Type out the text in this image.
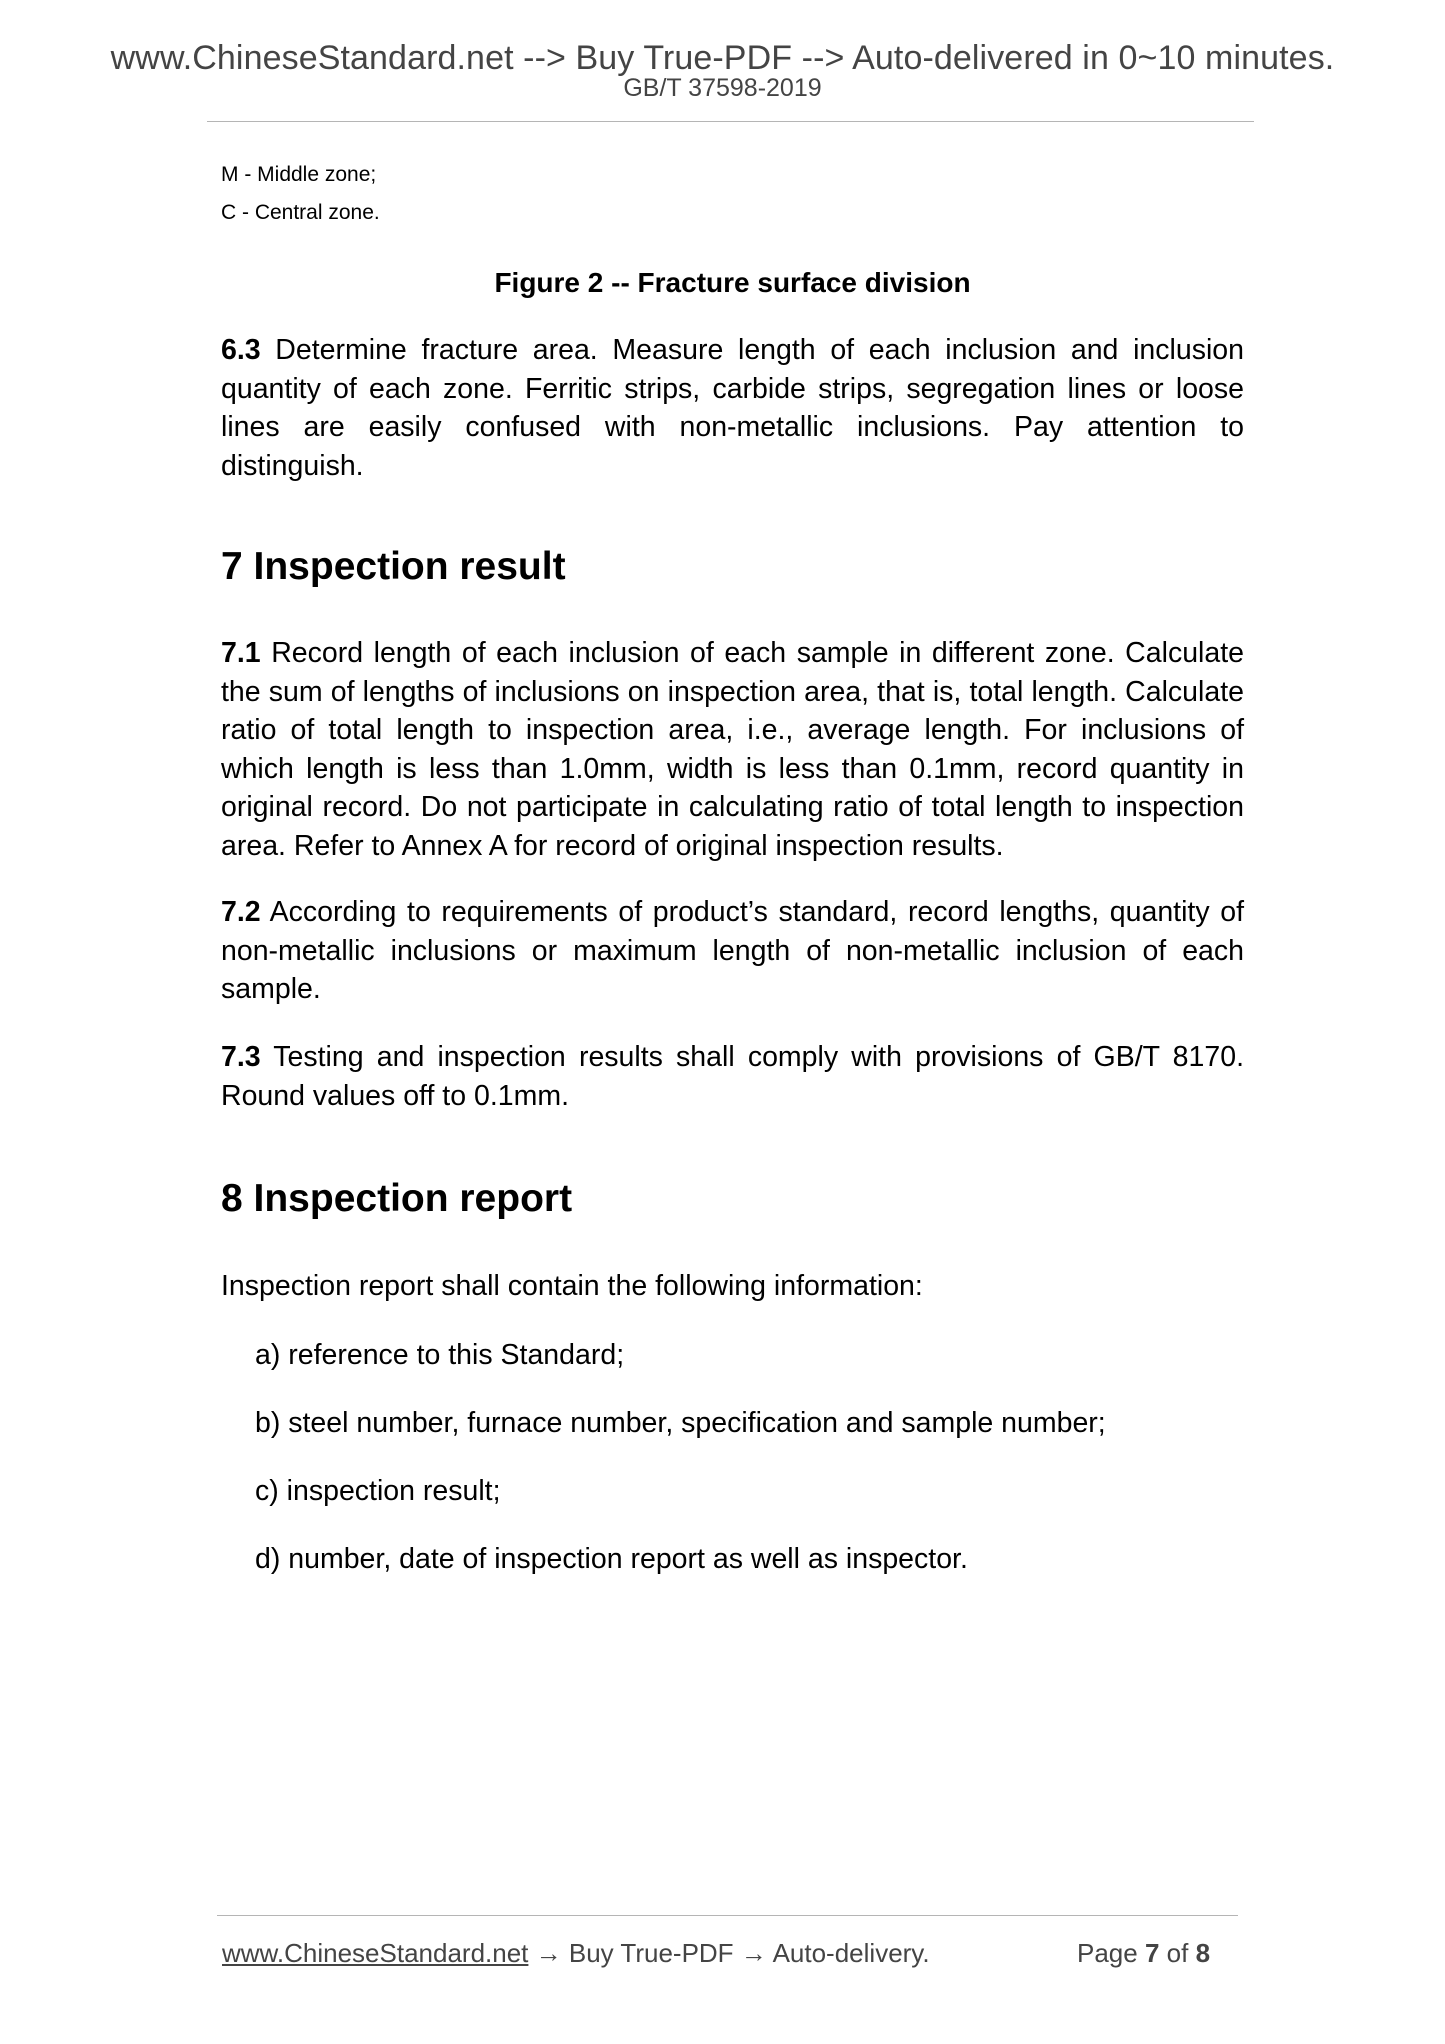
www.ChineseStandard.net --> Buy True-PDF --> Auto-delivered in 0~10 minutes.
GB/T 37598-2019
M - Middle zone;
C - Central zone.
Figure 2 -- Fracture surface division
6.3 Determine fracture area. Measure length of each inclusion and inclusion quantity of each zone. Ferritic strips, carbide strips, segregation lines or loose lines are easily confused with non-metallic inclusions. Pay attention to distinguish.
7 Inspection result
7.1 Record length of each inclusion of each sample in different zone. Calculate the sum of lengths of inclusions on inspection area, that is, total length. Calculate ratio of total length to inspection area, i.e., average length. For inclusions of which length is less than 1.0mm, width is less than 0.1mm, record quantity in original record. Do not participate in calculating ratio of total length to inspection area. Refer to Annex A for record of original inspection results.
7.2 According to requirements of product’s standard, record lengths, quantity of non-metallic inclusions or maximum length of non-metallic inclusion of each sample.
7.3 Testing and inspection results shall comply with provisions of GB/T 8170. Round values off to 0.1mm.
8 Inspection report
Inspection report shall contain the following information:
a) reference to this Standard;
b) steel number, furnace number, specification and sample number;
c) inspection result;
d) number, date of inspection report as well as inspector.
www.ChineseStandard.net → Buy True-PDF → Auto-delivery.	Page 7 of 8
